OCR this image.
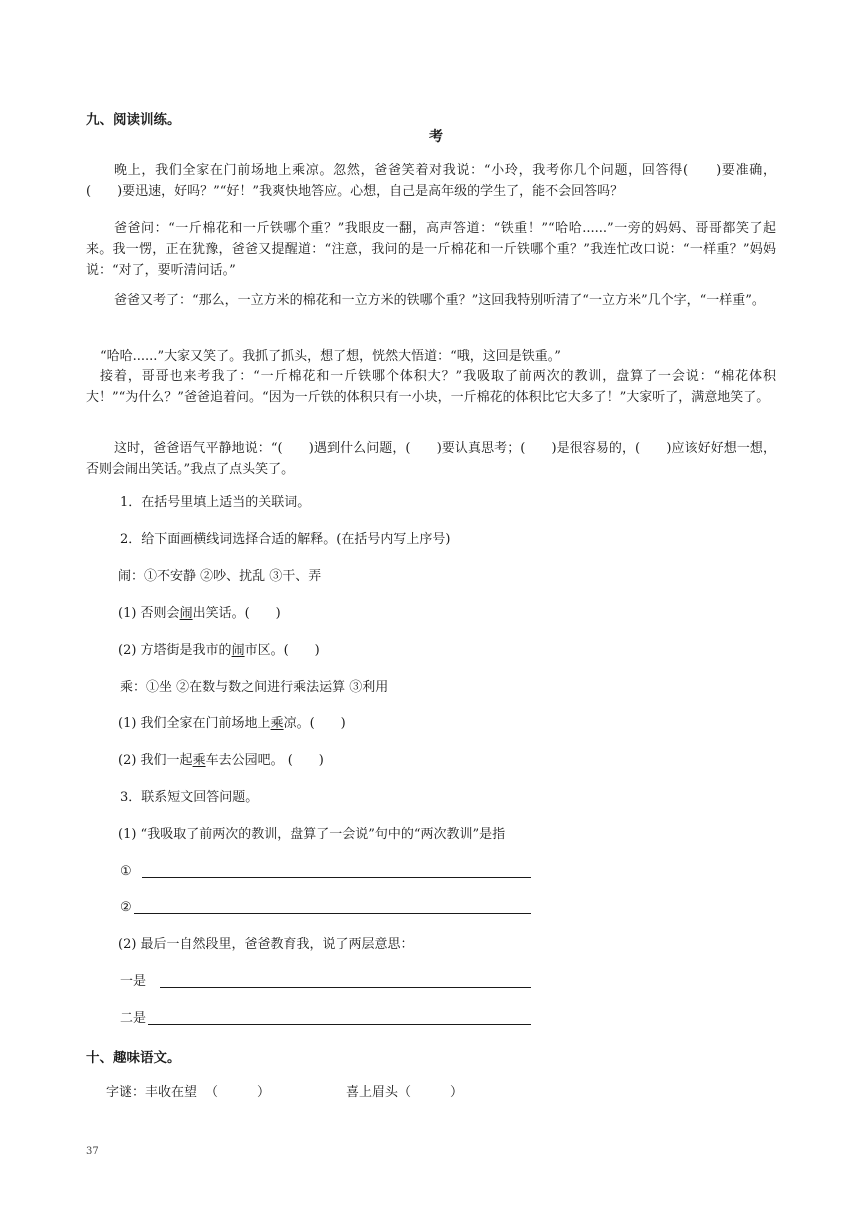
九、阅读训练。
考
晚上，我们全家在门前场地上乘凉。忽然，爸爸笑着对我说：“小玲，我考你几个问题，回答得(　　)要准确，(　　)要迅速，好吗？”“好！”我爽快地答应。心想，自己是高年级的学生了，能不会回答吗？
爸爸问：“一斤棉花和一斤铁哪个重？”我眼皮一翻，高声答道：“铁重！”“哈哈......”一旁的妈妈、哥哥都笑了起来。我一愣，正在犹豫，爸爸又提醒道：“注意，我问的是一斤棉花和一斤铁哪个重？”我连忙改口说：“一样重？”妈妈说：“对了，要听清问话。”
爸爸又考了：“那么，一立方米的棉花和一立方米的铁哪个重？”这回我特别听清了“一立方米”几个字，“一样重”。
“哈哈......”大家又笑了。我抓了抓头，想了想，恍然大悟道：“哦，这回是铁重。”
接着，哥哥也来考我了：“一斤棉花和一斤铁哪个体积大？”我吸取了前两次的教训，盘算了一会说：“棉花体积大！”“为什么？”爸爸追着问。“因为一斤铁的体积只有一小块，一斤棉花的体积比它大多了！”大家听了，满意地笑了。
这时，爸爸语气平静地说：“(　　)遇到什么问题，(　　)要认真思考；(　　)是很容易的，(　　)应该好好想一想，否则会闹出笑话。”我点了点头笑了。
1．在括号里填上适当的关联词。
2．给下面画横线词选择合适的解释。(在括号内写上序号)
闹：①不安静 ②吵、扰乱 ③干、弄
(1) 否则会闹出笑话。(　　)
(2) 方塔街是我市的闹市区。(　　)
乘：①坐 ②在数与数之间进行乘法运算 ③利用
(1) 我们全家在门前场地上乘凉。(　　)
(2) 我们一起乘车去公园吧。 (　　)
3．联系短文回答问题。
(1) “我吸取了前两次的教训，盘算了一会说”句中的“两次教训”是指
①
②
(2) 最后一自然段里，爸爸教育我，说了两层意思：
一是
二是
十、趣味语文。
字谜：丰收在望 （　　　）	喜上眉头（　　　）
37
